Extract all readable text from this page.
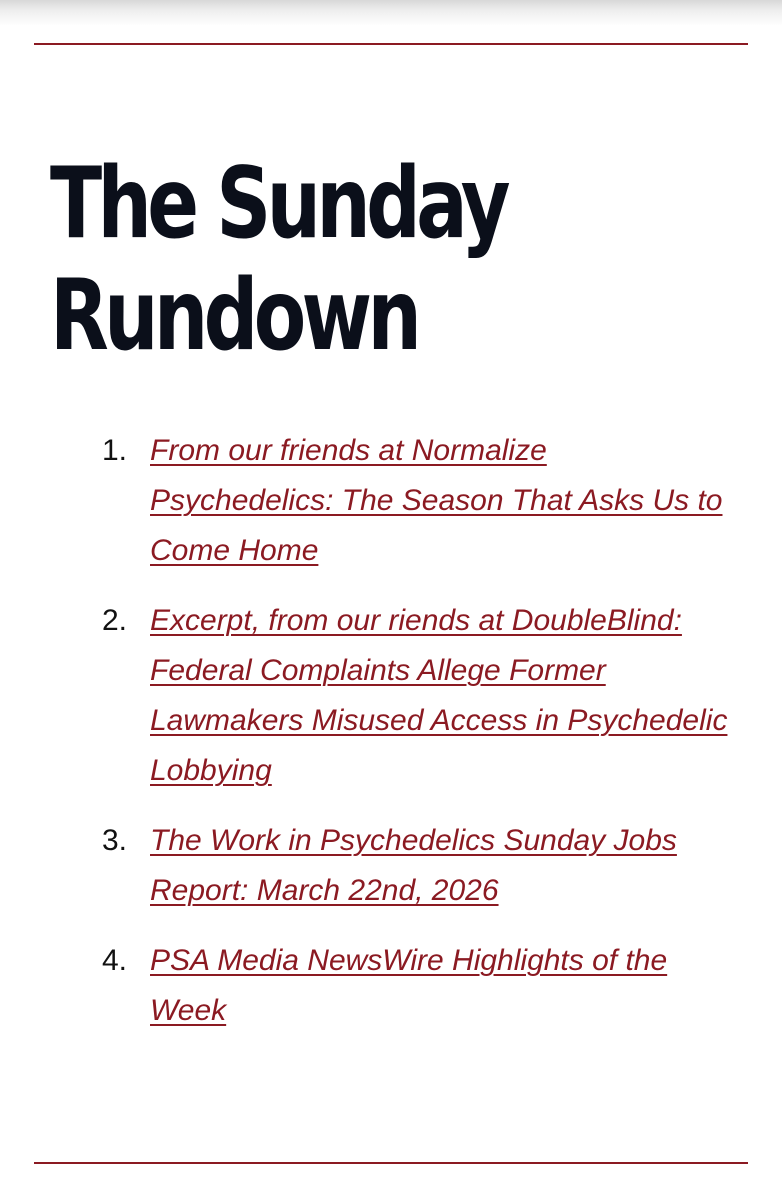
The Sunday
Rundown
1. From our friends at Normalize Psychedelics: The Season That Asks Us to Come Home
2. Excerpt, from our riends at DoubleBlind: Federal Complaints Allege Former Lawmakers Misused Access in Psychedelic Lobbying
3. The Work in Psychedelics Sunday Jobs Report: March 22nd, 2026
4. PSA Media NewsWire Highlights of the Week
